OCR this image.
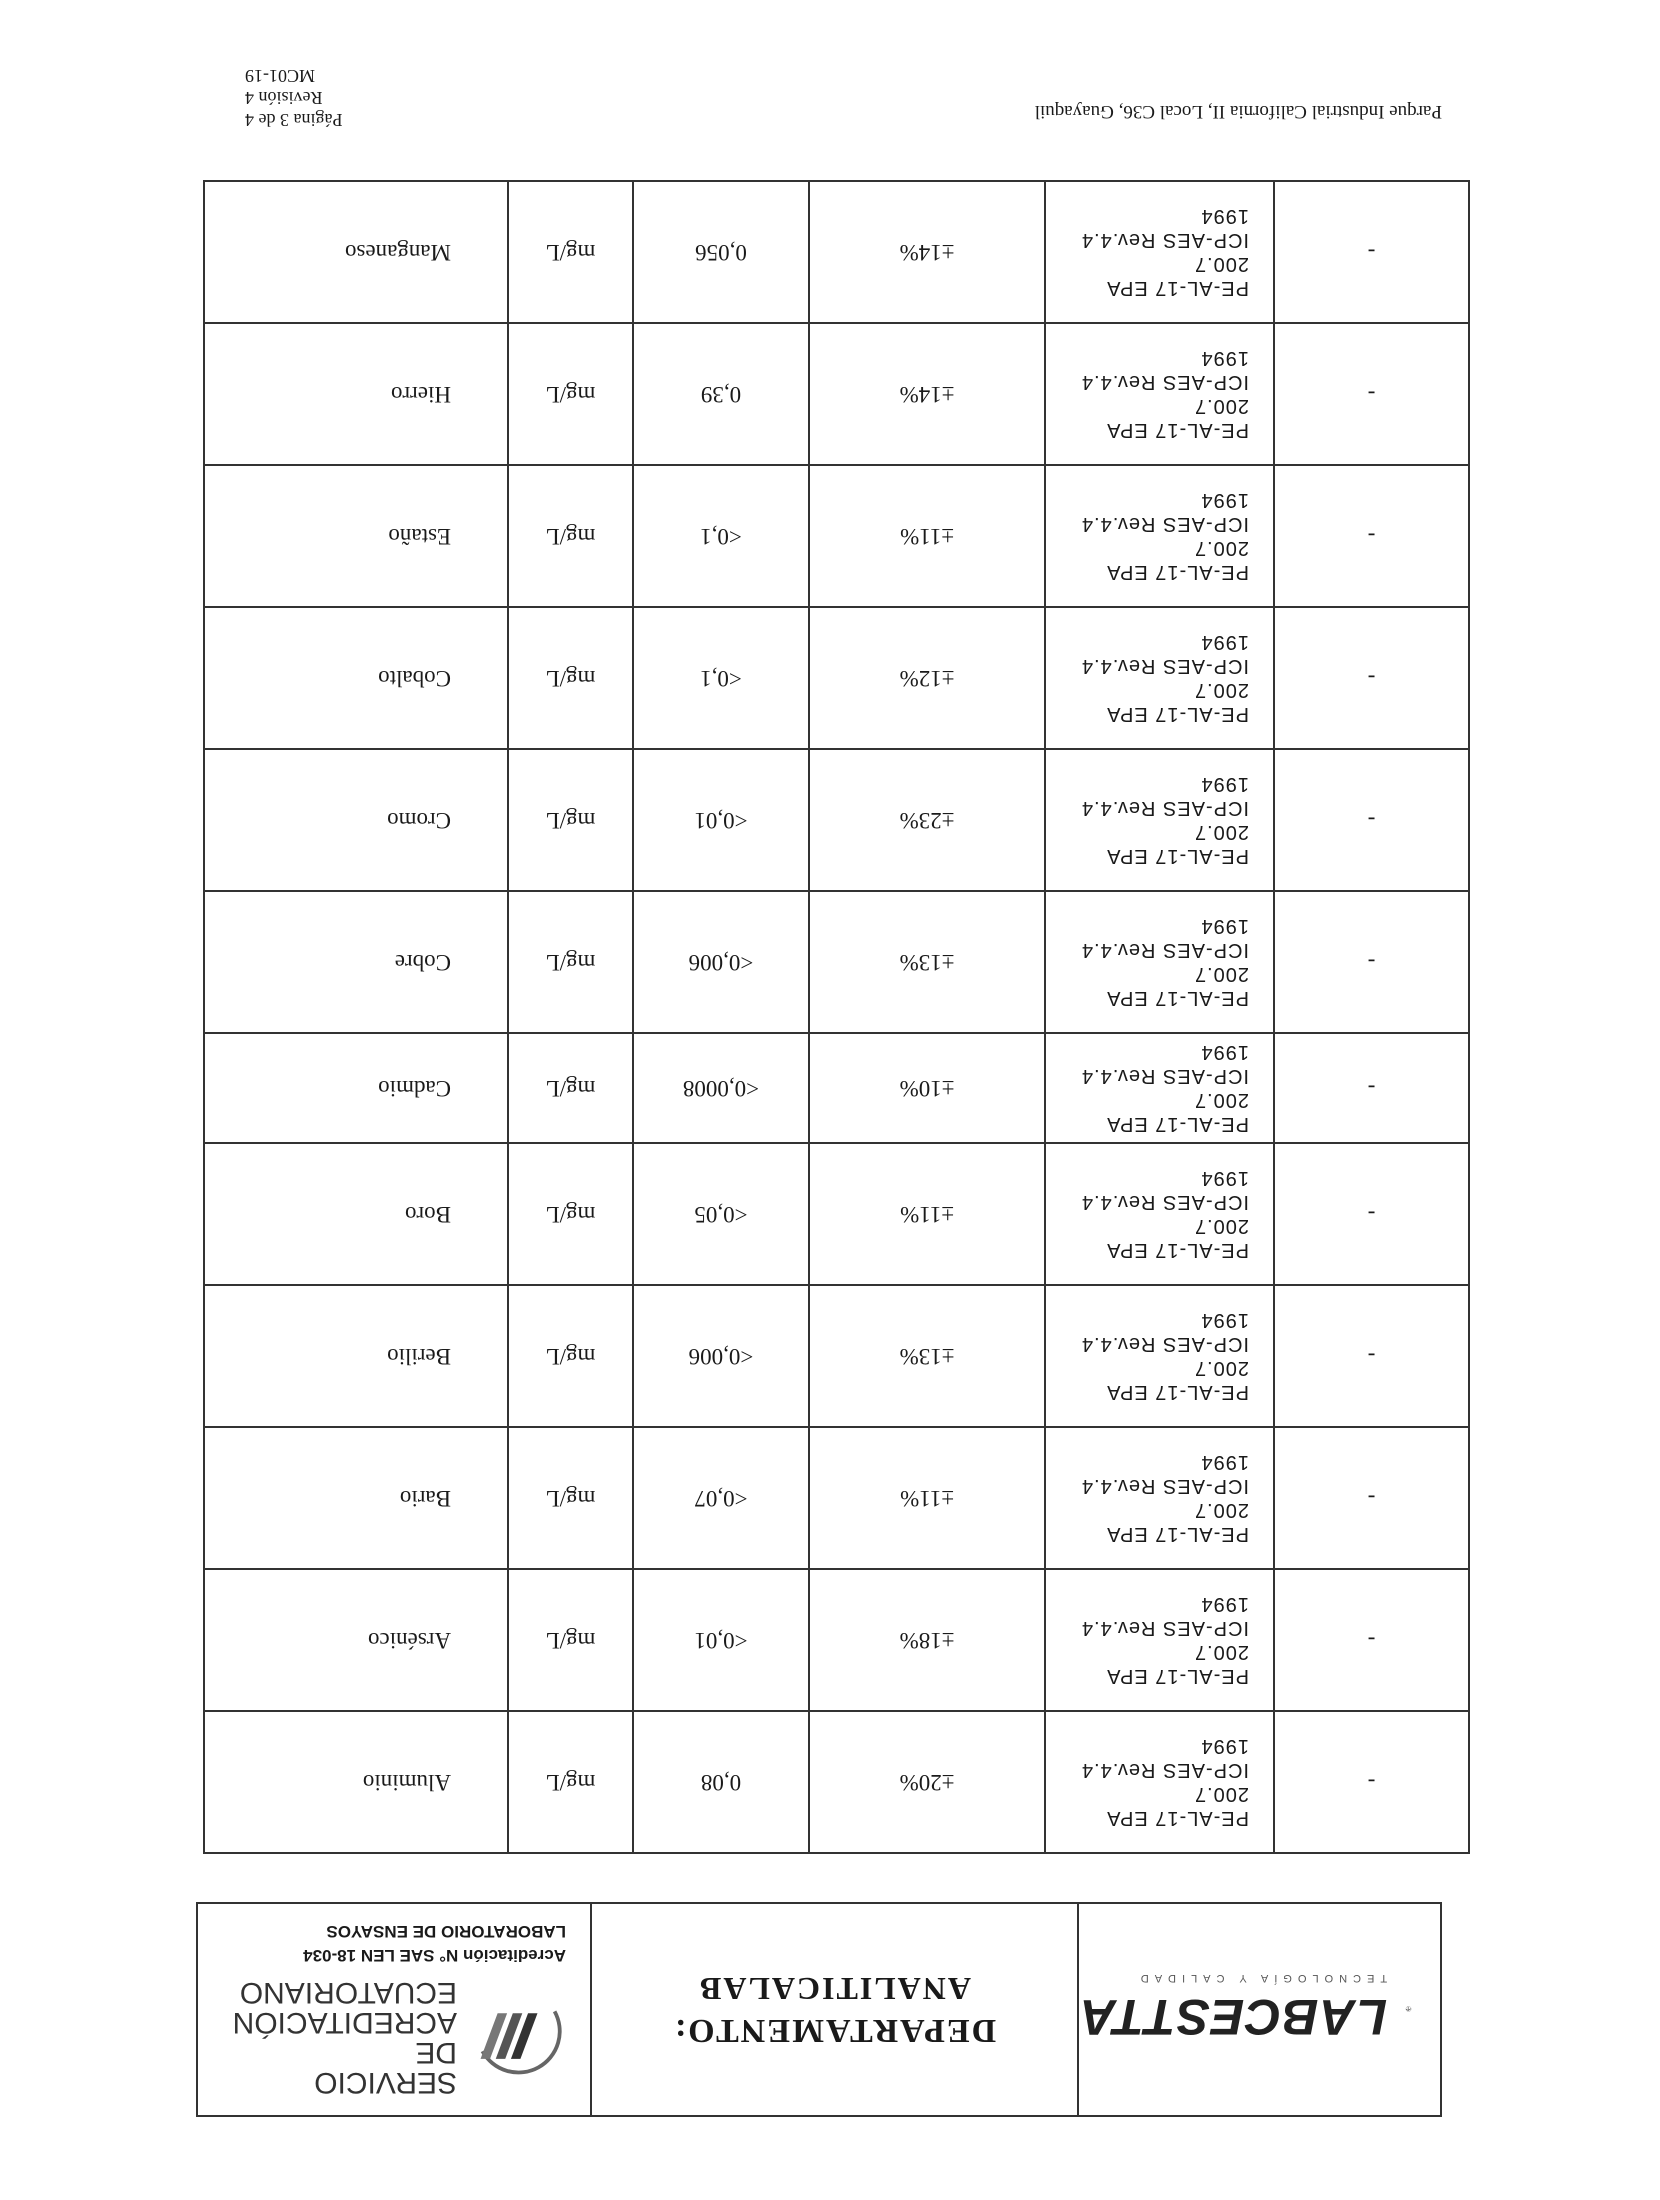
LABCESTTA
TECNOLOGÍA Y CALIDAD
DEPARTAMENTO:
ANALITICALAB
SERVICIO
DE ACREDITACIÓN
ECUATORIANO
Acreditación N° SAE LEN 18-034
LABORATORIO DE ENSAYOS
-	PE-AL-17 EPA 200.7
ICP-AES Rev.4.4
1994	±20%	0,08	mg/L	Aluminio
-	PE-AL-17 EPA 200.7
ICP-AES Rev.4.4
1994	±18%	<0,01	mg/L	Arsénico
-	PE-AL-17 EPA 200.7
ICP-AES Rev.4.4
1994	±11%	<0,07	mg/L	Bario
-	PE-AL-17 EPA 200.7
ICP-AES Rev.4.4
1994	±13%	<0,006	mg/L	Berilio
-	PE-AL-17 EPA 200.7
ICP-AES Rev.4.4
1994	±11%	<0,05	mg/L	Boro
-	PE-AL-17 EPA 200.7
ICP-AES Rev.4.4
1994	±10%	<0,0008	mg/L	Cadmio
-	PE-AL-17 EPA 200.7
ICP-AES Rev.4.4
1994	±13%	<0,006	mg/L	Cobre
-	PE-AL-17 EPA 200.7
ICP-AES Rev.4.4
1994	±23%	<0,01	mg/L	Cromo
-	PE-AL-17 EPA 200.7
ICP-AES Rev.4.4
1994	±12%	<0,1	mg/L	Cobalto
-	PE-AL-17 EPA 200.7
ICP-AES Rev.4.4
1994	±11%	<0,1	mg/L	Estaño
-	PE-AL-17 EPA 200.7
ICP-AES Rev.4.4
1994	±14%	0,39	mg/L	Hierro
-	PE-AL-17 EPA 200.7
ICP-AES Rev.4.4
1994	±14%	0,056	mg/L	Manganeso
Parque Industrial California II, Local C36, Guayaquil
Página 3 de 4
Revisión 4
MC01-19
